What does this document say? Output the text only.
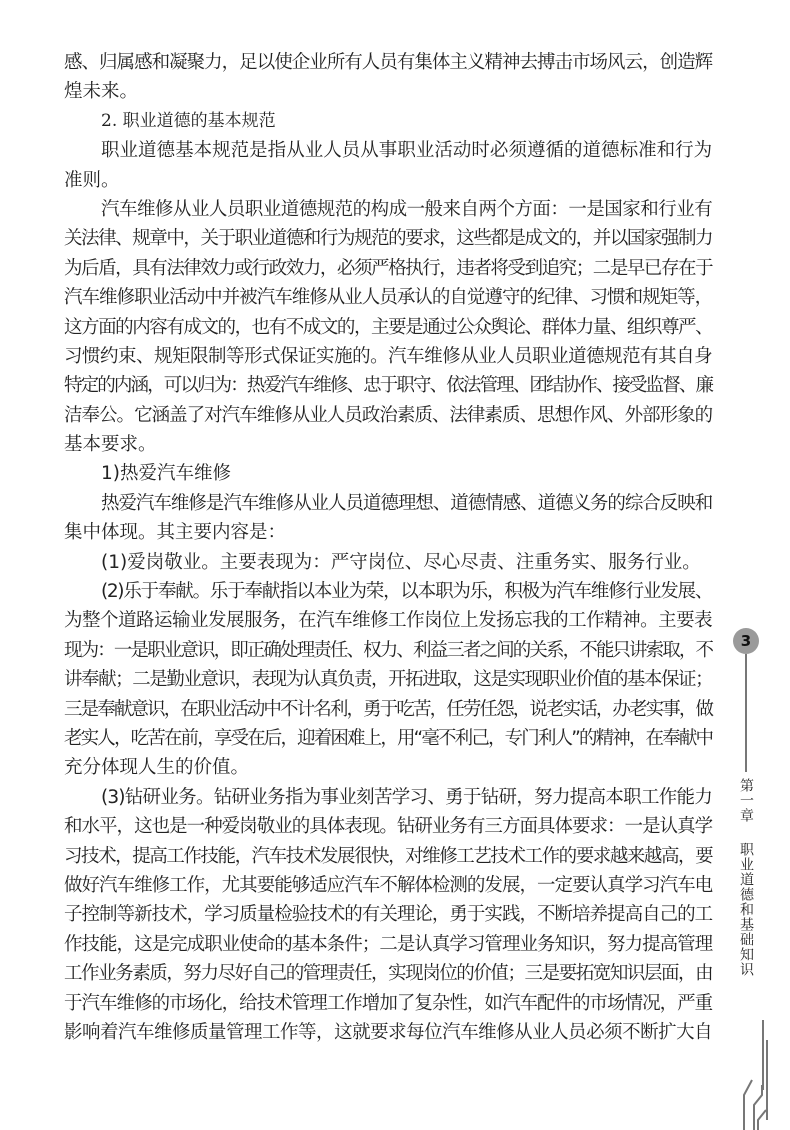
感、归属感和凝聚力，足以使企业所有人员有集体主义精神去搏击市场风云，创造辉
煌未来。
2. 职业道德的基本规范
职业道德基本规范是指从业人员从事职业活动时必须遵循的道德标准和行为
准则。
汽车维修从业人员职业道德规范的构成一般来自两个方面：一是国家和行业有
关法律、规章中，关于职业道德和行为规范的要求，这些都是成文的，并以国家强制力
为后盾，具有法律效力或行政效力，必须严格执行，违者将受到追究；二是早已存在于
汽车维修职业活动中并被汽车维修从业人员承认的自觉遵守的纪律、习惯和规矩等，
这方面的内容有成文的，也有不成文的，主要是通过公众舆论、群体力量、组织尊严、
习惯约束、规矩限制等形式保证实施的。汽车维修从业人员职业道德规范有其自身
特定的内涵，可以归为：热爱汽车维修、忠于职守、依法管理、团结协作、接受监督、廉
洁奉公。它涵盖了对汽车维修从业人员政治素质、法律素质、思想作风、外部形象的
基本要求。
1)热爱汽车维修
热爱汽车维修是汽车维修从业人员道德理想、道德情感、道德义务的综合反映和
集中体现。其主要内容是：
(1)爱岗敬业。主要表现为：严守岗位、尽心尽责、注重务实、服务行业。
(2)乐于奉献。乐于奉献指以本业为荣，以本职为乐，积极为汽车维修行业发展、
为整个道路运输业发展服务，在汽车维修工作岗位上发扬忘我的工作精神。主要表
现为：一是职业意识，即正确处理责任、权力、利益三者之间的关系，不能只讲索取，不
讲奉献；二是勤业意识，表现为认真负责，开拓进取，这是实现职业价值的基本保证；
三是奉献意识，在职业活动中不计名利，勇于吃苦，任劳任怨，说老实话，办老实事，做
老实人，吃苦在前，享受在后，迎着困难上，用“毫不利己，专门利人”的精神，在奉献中
充分体现人生的价值。
(3)钻研业务。钻研业务指为事业刻苦学习、勇于钻研，努力提高本职工作能力
和水平，这也是一种爱岗敬业的具体表现。钻研业务有三方面具体要求：一是认真学
习技术，提高工作技能，汽车技术发展很快，对维修工艺技术工作的要求越来越高，要
做好汽车维修工作，尤其要能够适应汽车不解体检测的发展，一定要认真学习汽车电
子控制等新技术，学习质量检验技术的有关理论，勇于实践，不断培养提高自己的工
作技能，这是完成职业使命的基本条件；二是认真学习管理业务知识，努力提高管理
工作业务素质，努力尽好自己的管理责任，实现岗位的价值；三是要拓宽知识层面，由
于汽车维修的市场化，给技术管理工作增加了复杂性，如汽车配件的市场情况，严重
影响着汽车维修质量管理工作等，这就要求每位汽车维修从业人员必须不断扩大自
3
第一章
职业道德和基础知识
